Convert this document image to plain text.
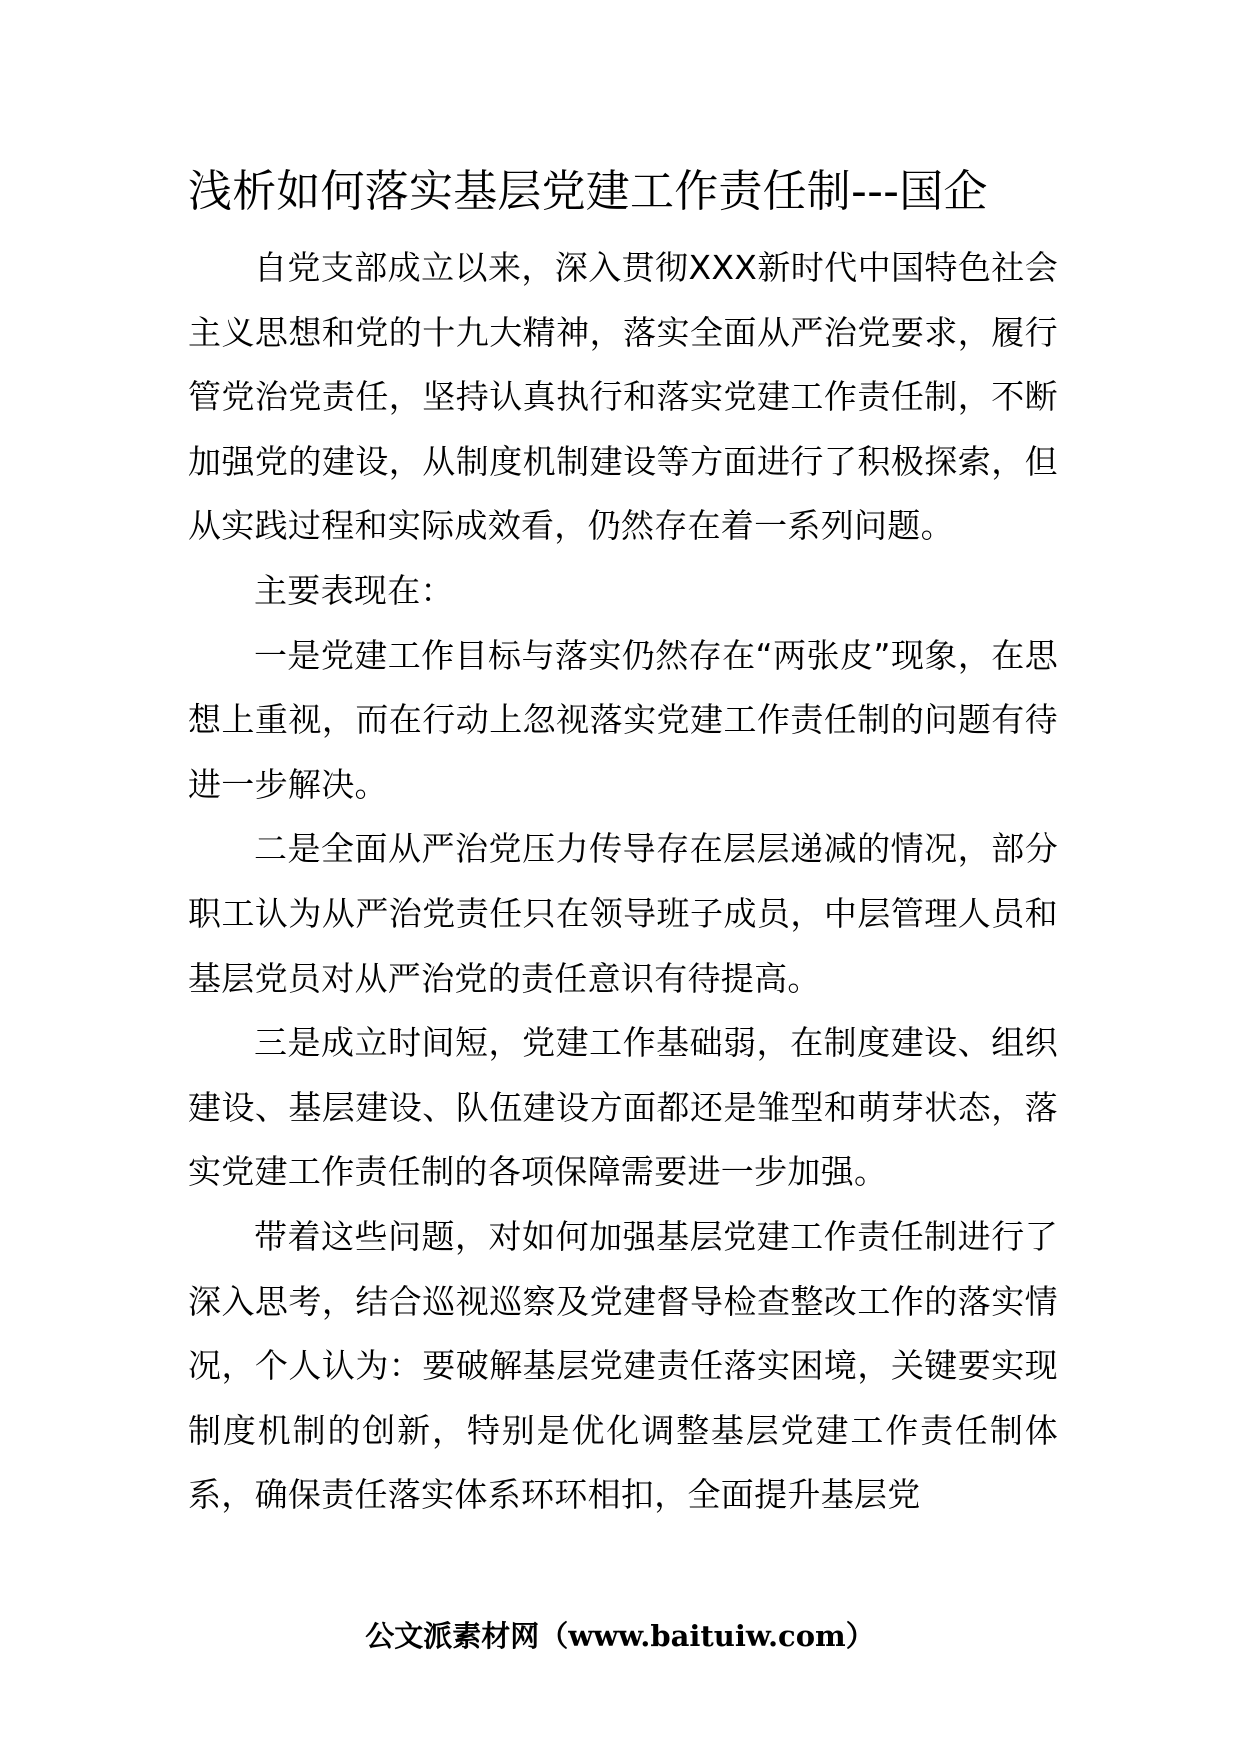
浅析如何落实基层党建工作责任制---国企

自党支部成立以来，深入贯彻XXX新时代中国特色社会主义思想和党的十九大精神，落实全面从严治党要求，履行管党治党责任，坚持认真执行和落实党建工作责任制，不断加强党的建设，从制度机制建设等方面进行了积极探索，但从实践过程和实际成效看，仍然存在着一系列问题。

主要表现在：

一是党建工作目标与落实仍然存在“两张皮”现象，在思想上重视，而在行动上忽视落实党建工作责任制的问题有待进一步解决。

二是全面从严治党压力传导存在层层递减的情况，部分职工认为从严治党责任只在领导班子成员，中层管理人员和基层党员对从严治党的责任意识有待提高。

三是成立时间短，党建工作基础弱，在制度建设、组织建设、基层建设、队伍建设方面都还是雏型和萌芽状态，落实党建工作责任制的各项保障需要进一步加强。

带着这些问题，对如何加强基层党建工作责任制进行了深入思考，结合巡视巡察及党建督导检查整改工作的落实情况，个人认为：要破解基层党建责任落实困境，关键要实现制度机制的创新，特别是优化调整基层党建工作责任制体系，确保责任落实体系环环相扣，全面提升基层党

公文派素材网（www.baituiw.com）
